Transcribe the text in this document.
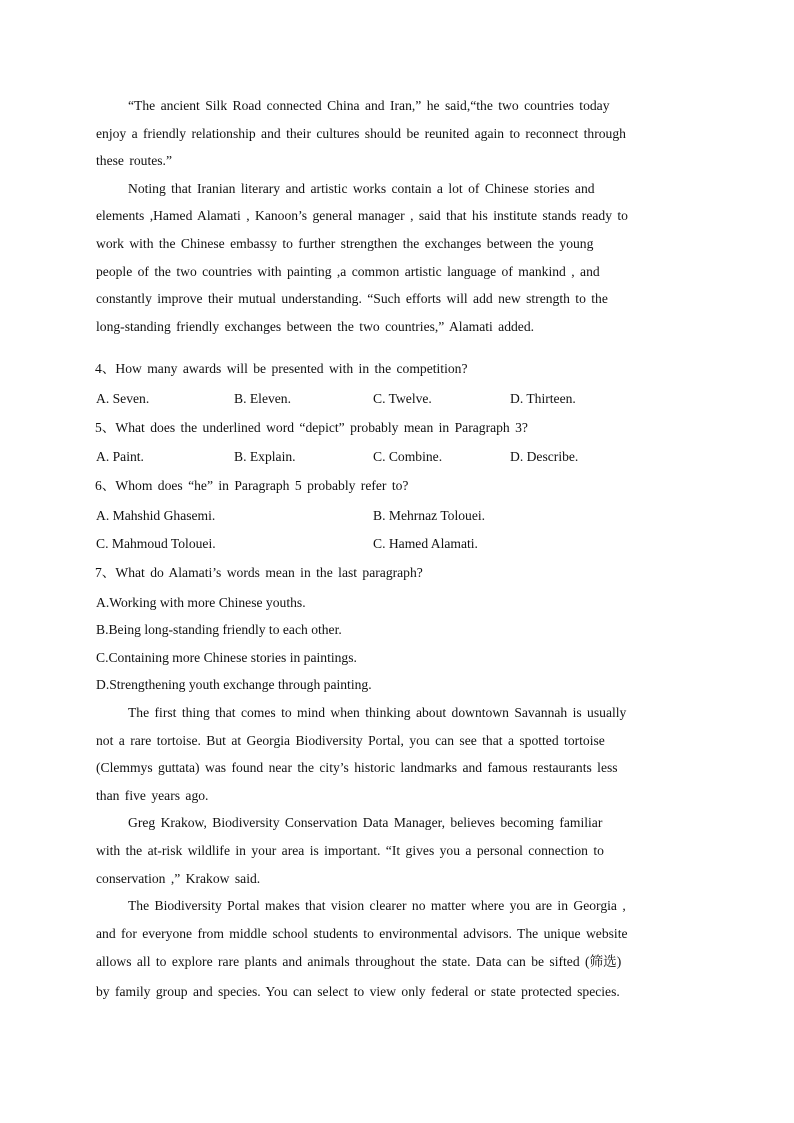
“The ancient Silk Road connected China and Iran,” he said,“the two countries today
enjoy a friendly relationship and their cultures should be reunited again to reconnect through
these routes.”
Noting that Iranian literary and artistic works contain a lot of Chinese stories and
elements ,Hamed Alamati , Kanoon’s general manager , said that his institute stands ready to
work with the Chinese embassy to further strengthen the exchanges between the young
people of the two countries with painting ,a common artistic language of mankind , and
constantly improve their mutual understanding. “Such efforts will add new strength to the
long-standing friendly exchanges between the two countries,” Alamati added.
4、How many awards will be presented with in the competition?
A. Seven.	B. Eleven.	C. Twelve.	D. Thirteen.
5、What does the underlined word “depict” probably mean in Paragraph 3?
A. Paint.	B. Explain.	C. Combine.	D. Describe.
6、Whom does “he” in Paragraph 5 probably refer to?
A. Mahshid Ghasemi.	B. Mehrnaz Tolouei.
C. Mahmoud Tolouei.	C. Hamed Alamati.
7、What do Alamati’s words mean in the last paragraph?
A.Working with more Chinese youths.
B.Being long-standing friendly to each other.
C.Containing more Chinese stories in paintings.
D.Strengthening youth exchange through painting.
The first thing that comes to mind when thinking about downtown Savannah is usually
not a rare tortoise. But at Georgia Biodiversity Portal, you can see that a spotted tortoise
(Clemmys guttata) was found near the city’s historic landmarks and famous restaurants less
than five years ago.
Greg Krakow, Biodiversity Conservation Data Manager, believes becoming familiar
with the at-risk wildlife in your area is important. “It gives you a personal connection to
conservation ,” Krakow said.
The Biodiversity Portal makes that vision clearer no matter where you are in Georgia ,
and for everyone from middle school students to environmental advisors. The unique website
allows all to explore rare plants and animals throughout the state. Data can be sifted (筛选)
by family group and species. You can select to view only federal or state protected species.
